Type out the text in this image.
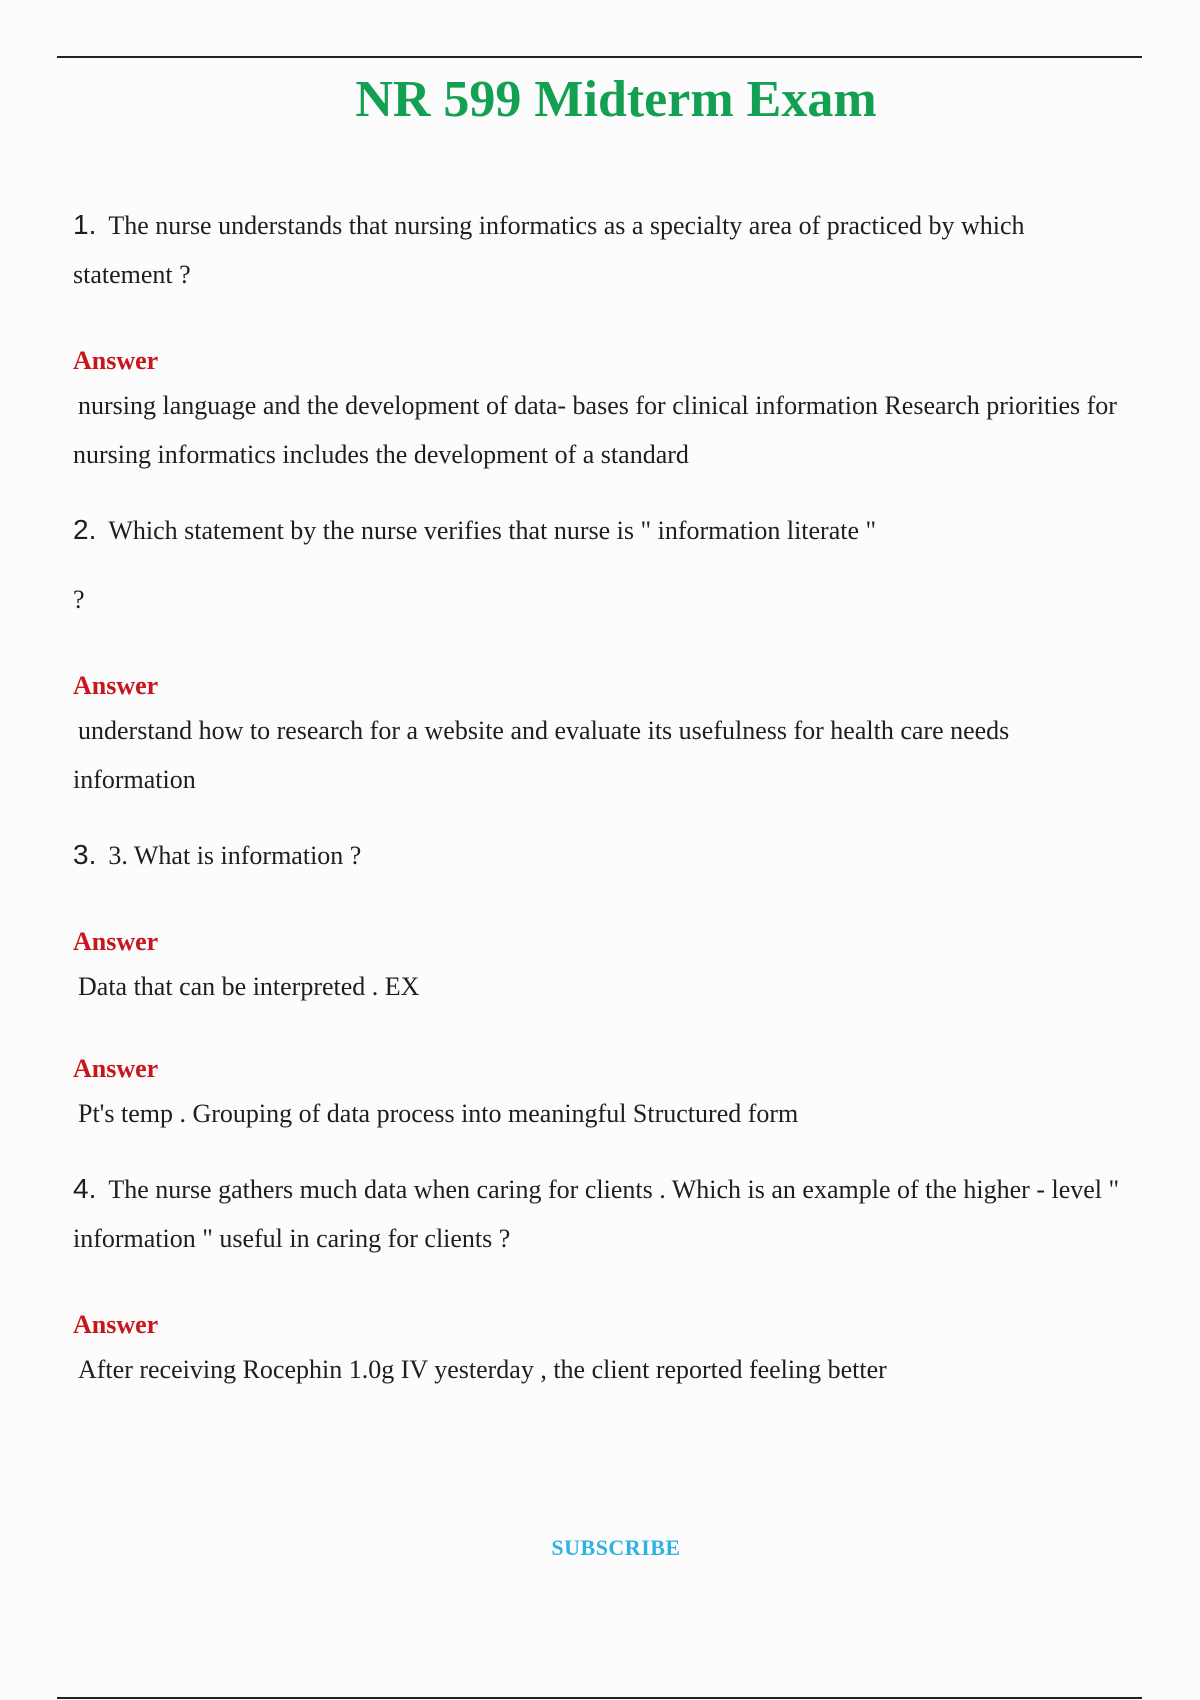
NR 599 Midterm Exam

1. The nurse understands that nursing informatics as a specialty area of practiced by which statement ?

Answer

nursing language and the development of data- bases for clinical information Research priorities for nursing informatics includes the development of a standard

2. Which statement by the nurse verifies that nurse is " information literate "
?

Answer

understand how to research for a website and evaluate its usefulness for health care needs information

3. 3. What is information ?

Answer

Data that can be interpreted . EX

Answer

Pt's temp . Grouping of data process into meaningful Structured form

4. The nurse gathers much data when caring for clients . Which is an example of the higher - level " information " useful in caring for clients ?

Answer

After receiving Rocephin 1.0g IV yesterday , the client reported feeling better

SUBSCRIBE
